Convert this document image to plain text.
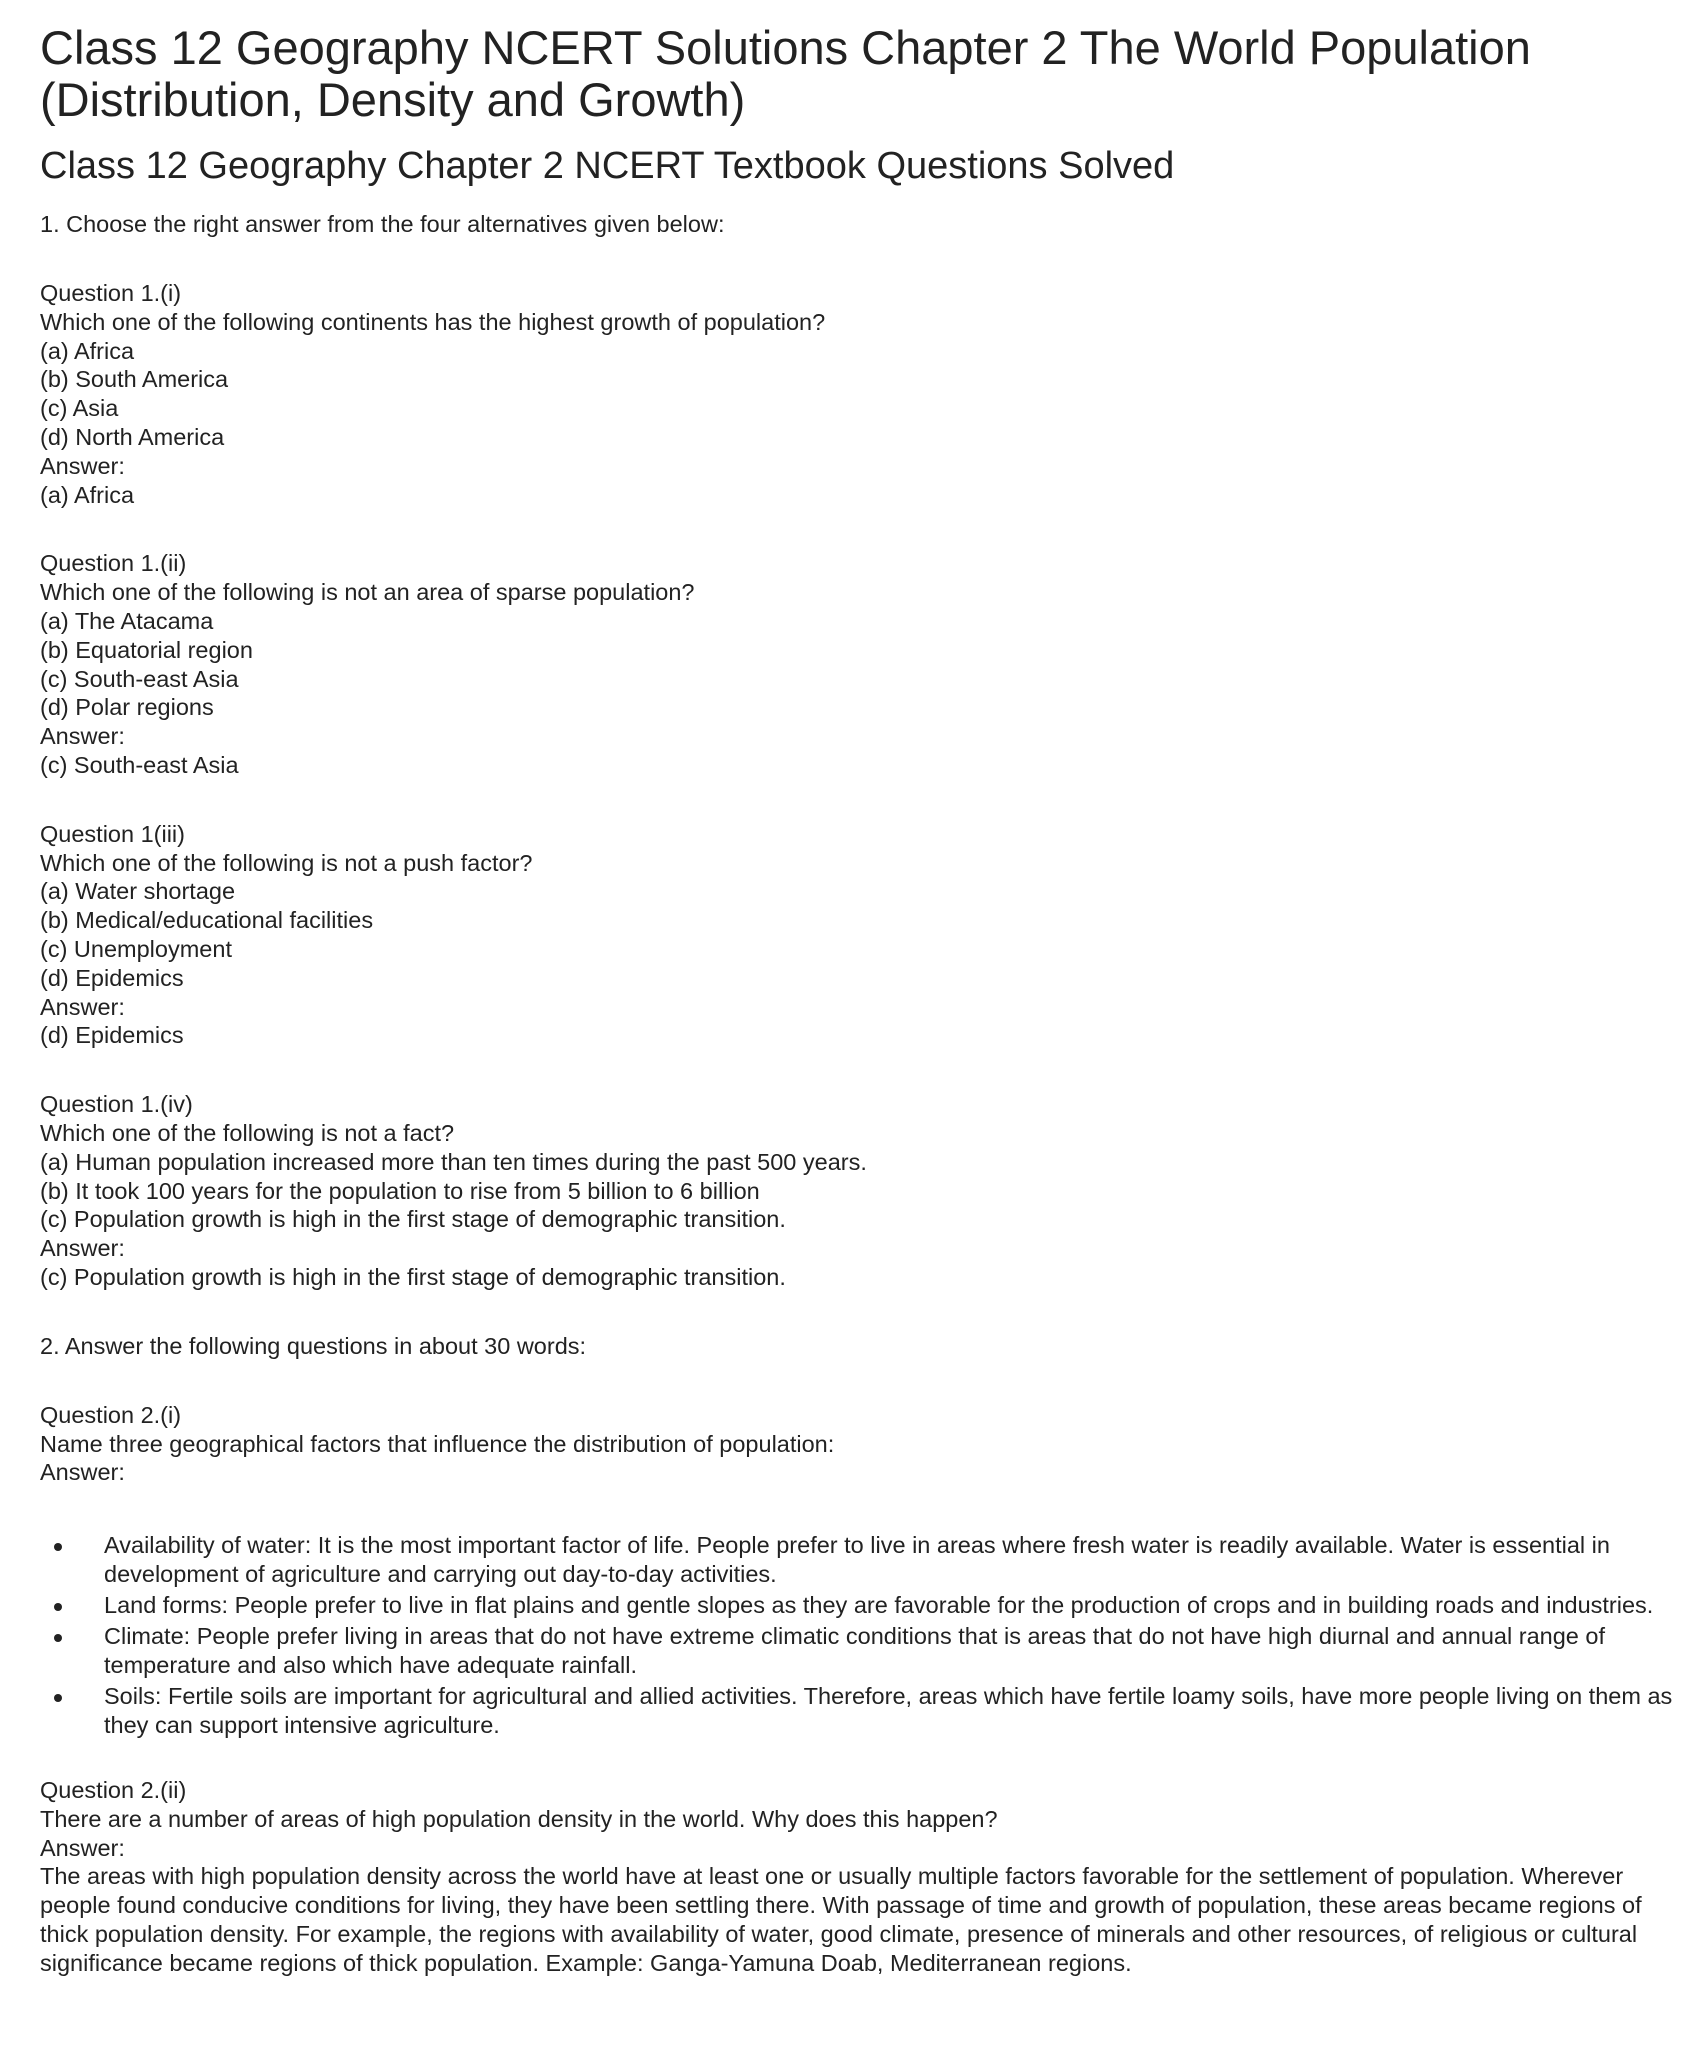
Class 12 Geography NCERT Solutions Chapter 2 The World Population (Distribution, Density and Growth)
Class 12 Geography Chapter 2 NCERT Textbook Questions Solved
1. Choose the right answer from the four alternatives given below:
Question 1.(i)
Which one of the following continents has the highest growth of population?
(a) Africa
(b) South America
(c) Asia
(d) North America
Answer:
(a) Africa
Question 1.(ii)
Which one of the following is not an area of sparse population?
(a) The Atacama
(b) Equatorial region
(c) South-east Asia
(d) Polar regions
Answer:
(c) South-east Asia
Question 1(iii)
Which one of the following is not a push factor?
(a) Water shortage
(b) Medical/educational facilities
(c) Unemployment
(d) Epidemics
Answer:
(d) Epidemics
Question 1.(iv)
Which one of the following is not a fact?
(a) Human population increased more than ten times during the past 500 years.
(b) It took 100 years for the population to rise from 5 billion to 6 billion
(c) Population growth is high in the first stage of demographic transition.
Answer:
(c) Population growth is high in the first stage of demographic transition.
2. Answer the following questions in about 30 words:
Question 2.(i)
Name three geographical factors that influence the distribution of population:
Answer:
Availability of water: It is the most important factor of life. People prefer to live in areas where fresh water is readily available. Water is essential in development of agriculture and carrying out day-to-day activities.
Land forms: People prefer to live in flat plains and gentle slopes as they are favorable for the production of crops and in building roads and industries.
Climate: People prefer living in areas that do not have extreme climatic conditions that is areas that do not have high diurnal and annual range of temperature and also which have adequate rainfall.
Soils: Fertile soils are important for agricultural and allied activities. Therefore, areas which have fertile loamy soils, have more people living on them as they can support intensive agriculture.
Question 2.(ii)
There are a number of areas of high population density in the world. Why does this happen?
Answer:
The areas with high population density across the world have at least one or usually multiple factors favorable for the settlement of population. Wherever people found conducive conditions for living, they have been settling there. With passage of time and growth of population, these areas became regions of thick population density. For example, the regions with availability of water, good climate, presence of minerals and other resources, of religious or cultural significance became regions of thick population. Example: Ganga-Yamuna Doab, Mediterranean regions.
